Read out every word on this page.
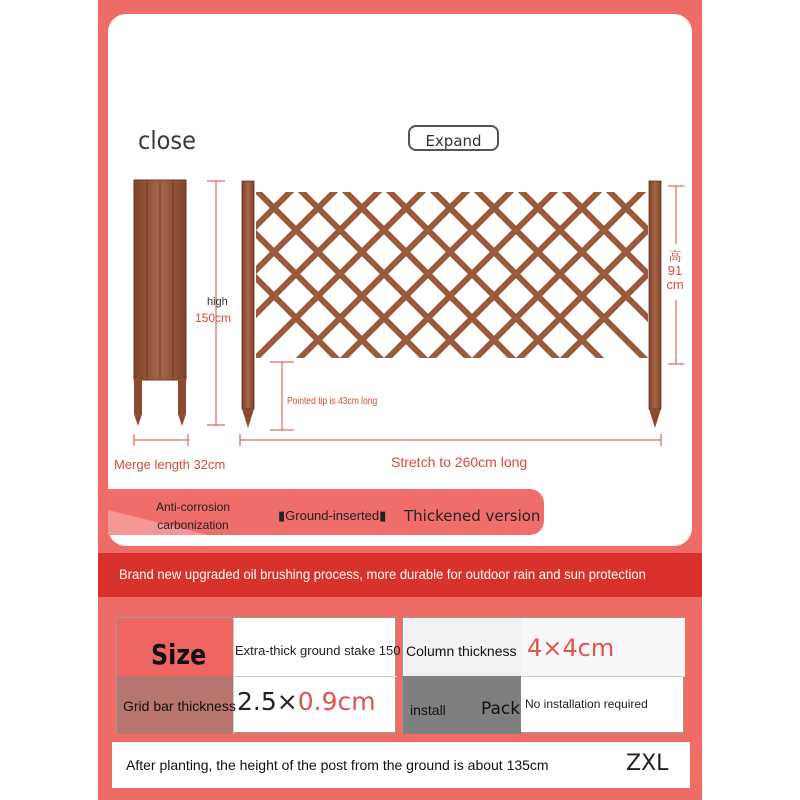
close	Expand
high
150cm
Merge length 32cm
Pointed tip is 43cm long
Stretch to 260cm long
高
91
cm
Anti-corrosion carbonization
▮Ground-inserted▮ Thickened version
Brand new upgraded oil brushing process, more durable for outdoor rain and sun protection
Size Extra-thick ground stake 150
Grid bar thickness 2.5×0.9cm
Column thickness 4×4cm
install Pack No installation required
After planting, the height of the post from the ground is about 135cm	ZXL
